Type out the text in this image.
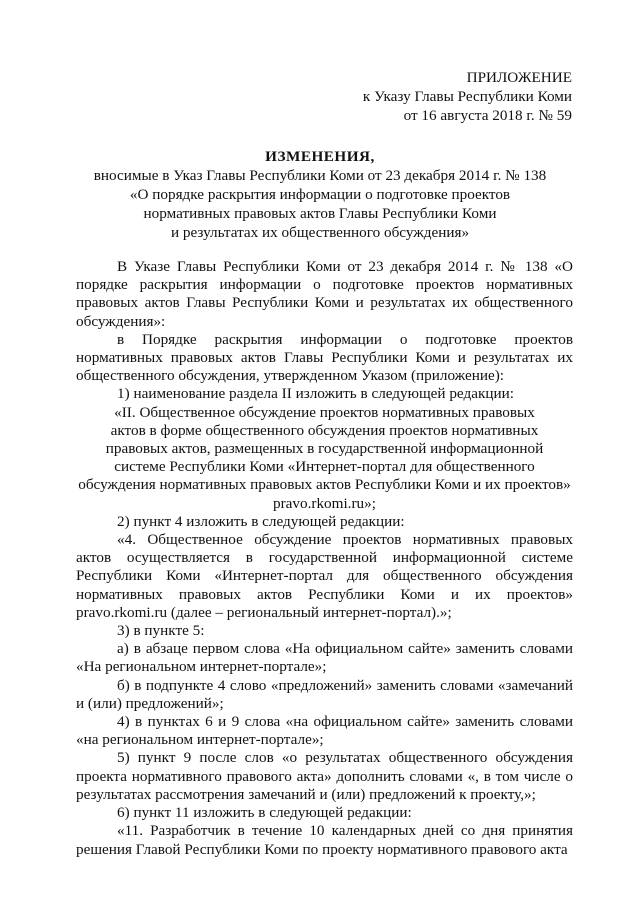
ПРИЛОЖЕНИЕ
к Указу Главы Республики Коми
от 16 августа 2018 г. № 59
ИЗМЕНЕНИЯ,
вносимые в Указ Главы Республики Коми от 23 декабря 2014 г. № 138
«О порядке раскрытия информации о подготовке проектов
нормативных правовых актов Главы Республики Коми
и результатах их общественного обсуждения»

В Указе Главы Республики Коми от 23 декабря 2014 г. № 138 «О порядке раскрытия информации о подготовке проектов нормативных правовых актов Главы Республики Коми и результатах их общественного обсуждения»:

в Порядке раскрытия информации о подготовке проектов нормативных правовых актов Главы Республики Коми и результатах их общественного обсуждения, утвержденном Указом (приложение):

1) наименование раздела II изложить в следующей редакции:

«II. Общественное обсуждение проектов нормативных правовых

актов в форме общественного обсуждения проектов нормативных

правовых актов, размещенных в государственной информационной

системе Республики Коми «Интернет-портал для общественного

обсуждения нормативных правовых актов Республики Коми и их проектов»

pravo.rkomi.ru»;

2) пункт 4 изложить в следующей редакции:

«4. Общественное обсуждение проектов нормативных правовых актов осуществляется в государственной информационной системе Республики Коми «Интернет-портал для общественного обсуждения нормативных правовых актов Республики Коми и их проектов» pravo.rkomi.ru (далее – региональный интернет-портал).»;

3) в пункте 5:

а) в абзаце первом слова «На официальном сайте» заменить словами «На региональном интернет-портале»;

б) в подпункте 4 слово «предложений» заменить словами «замечаний и (или) предложений»;

4) в пунктах 6 и 9 слова «на официальном сайте» заменить словами «на региональном интернет-портале»;

5) пункт 9 после слов «о результатах общественного обсуждения проекта нормативного правового акта» дополнить словами «, в том числе о результатах рассмотрения замечаний и (или) предложений к проекту,»;

6) пункт 11 изложить в следующей редакции:

«11. Разработчик в течение 10 календарных дней со дня принятия решения Главой Республики Коми по проекту нормативного правового акта
